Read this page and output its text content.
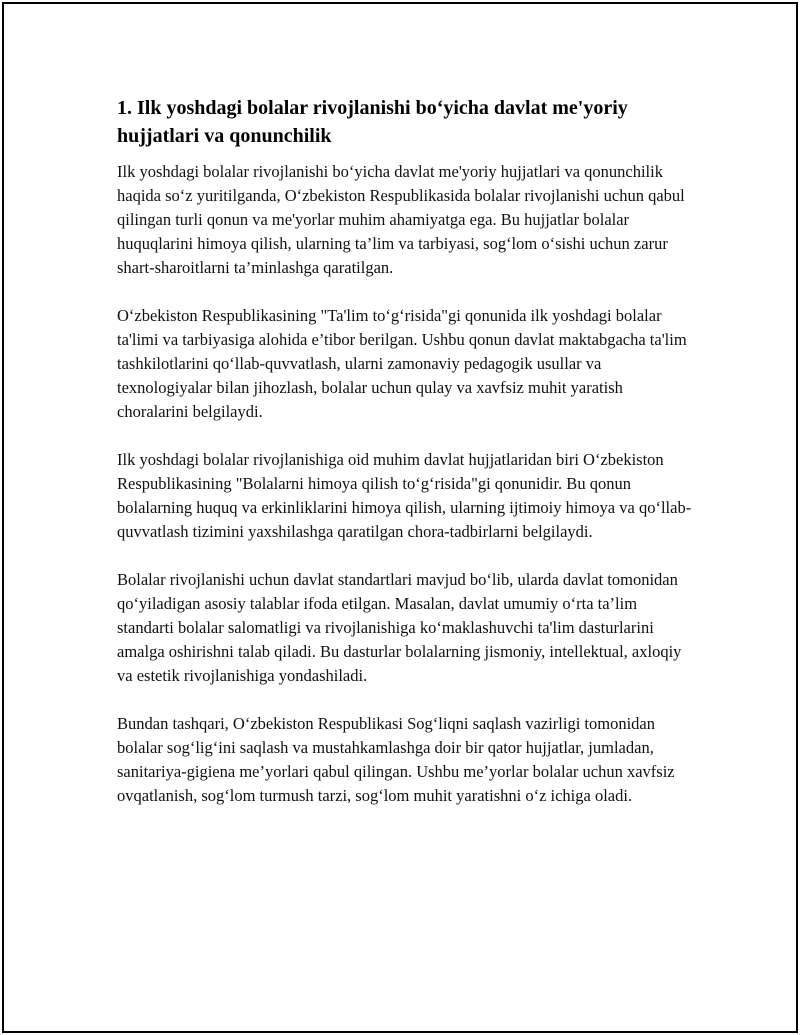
1. Ilk yoshdagi bolalar rivojlanishi bo‘yicha davlat me'yoriy hujjatlari va qonunchilik

Ilk yoshdagi bolalar rivojlanishi bo‘yicha davlat me'yoriy hujjatlari va qonunchilik haqida so‘z yuritilganda, O‘zbekiston Respublikasida bolalar rivojlanishi uchun qabul qilingan turli qonun va me'yorlar muhim ahamiyatga ega. Bu hujjatlar bolalar huquqlarini himoya qilish, ularning ta’lim va tarbiyasi, sog‘lom o‘sishi uchun zarur shart-sharoitlarni ta’minlashga qaratilgan.

O‘zbekiston Respublikasining "Ta'lim to‘g‘risida"gi qonunida ilk yoshdagi bolalar ta'limi va tarbiyasiga alohida e’tibor berilgan. Ushbu qonun davlat maktabgacha ta'lim tashkilotlarini qo‘llab-quvvatlash, ularni zamonaviy pedagogik usullar va texnologiyalar bilan jihozlash, bolalar uchun qulay va xavfsiz muhit yaratish choralarini belgilaydi.

Ilk yoshdagi bolalar rivojlanishiga oid muhim davlat hujjatlaridan biri O‘zbekiston Respublikasining "Bolalarni himoya qilish to‘g‘risida"gi qonunidir. Bu qonun bolalarning huquq va erkinliklarini himoya qilish, ularning ijtimoiy himoya va qo‘llab-quvvatlash tizimini yaxshilashga qaratilgan chora-tadbirlarni belgilaydi.

Bolalar rivojlanishi uchun davlat standartlari mavjud bo‘lib, ularda davlat tomonidan qo‘yiladigan asosiy talablar ifoda etilgan. Masalan, davlat umumiy o‘rta ta’lim standarti bolalar salomatligi va rivojlanishiga ko‘maklashuvchi ta'lim dasturlarini amalga oshirishni talab qiladi. Bu dasturlar bolalarning jismoniy, intellektual, axloqiy va estetik rivojlanishiga yondashiladi.

Bundan tashqari, O‘zbekiston Respublikasi Sog‘liqni saqlash vazirligi tomonidan bolalar sog‘lig‘ini saqlash va mustahkamlashga doir bir qator hujjatlar, jumladan, sanitariya-gigiena me’yorlari qabul qilingan. Ushbu me’yorlar bolalar uchun xavfsiz ovqatlanish, sog‘lom turmush tarzi, sog‘lom muhit yaratishni o‘z ichiga oladi.
